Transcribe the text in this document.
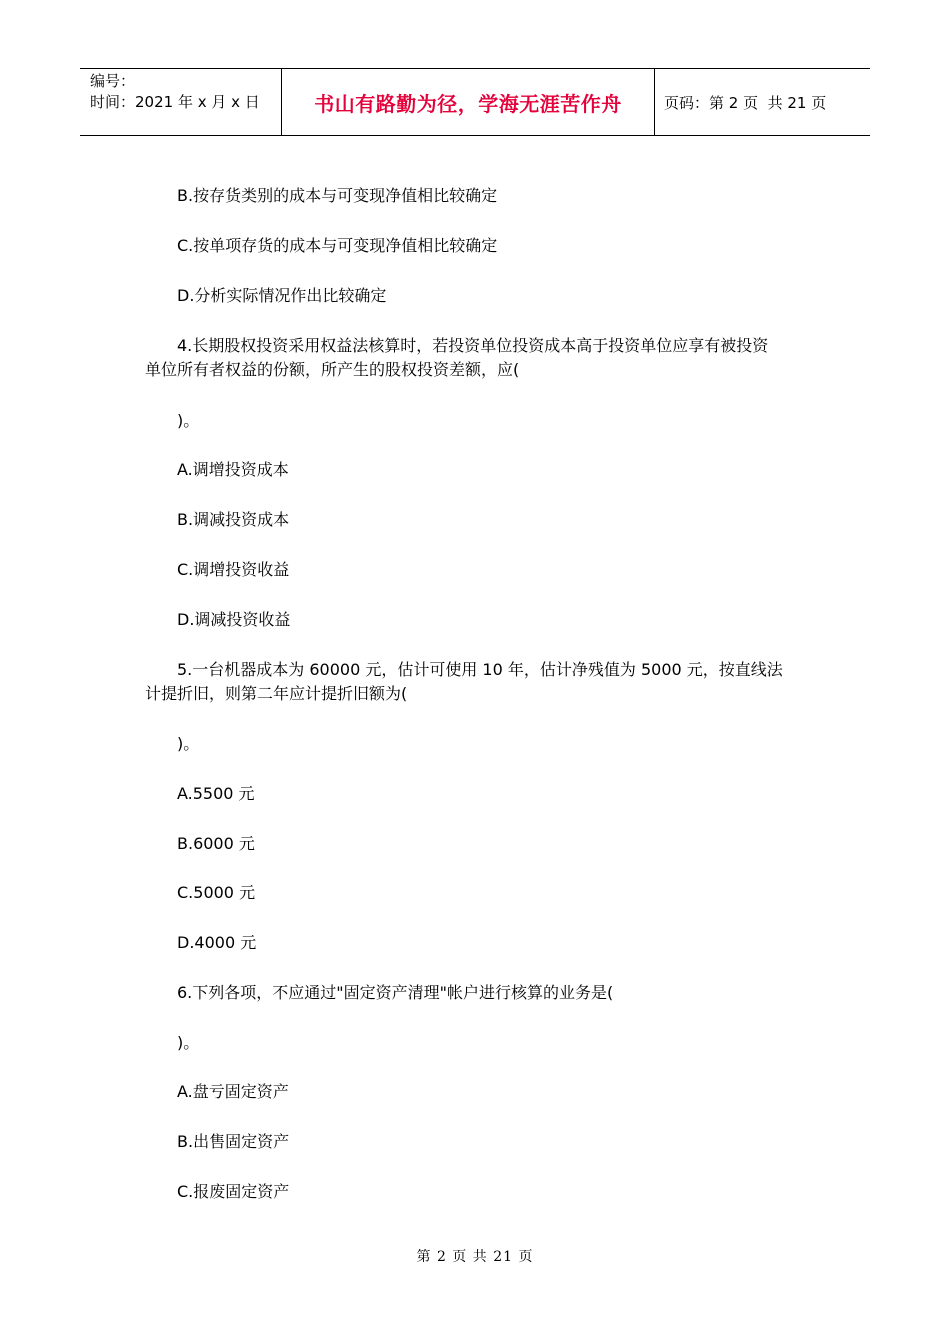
编号：
时间：2021 年 x 月 x 日	书山有路勤为径，学海无涯苦作舟	页码：第 2 页  共 21 页
B.按存货类别的成本与可变现净值相比较确定
C.按单项存货的成本与可变现净值相比较确定
D.分析实际情况作出比较确定
4.长期股权投资采用权益法核算时，若投资单位投资成本高于投资单位应享有被投资
单位所有者权益的份额，所产生的股权投资差额，应(
)。
A.调增投资成本
B.调减投资成本
C.调增投资收益
D.调减投资收益
5.一台机器成本为 60000 元，估计可使用 10 年，估计净残值为 5000 元，按直线法
计提折旧，则第二年应计提折旧额为(
)。
A.5500 元
B.6000 元
C.5000 元
D.4000 元
6.下列各项，不应通过"固定资产清理"帐户进行核算的业务是(
)。
A.盘亏固定资产
B.出售固定资产
C.报废固定资产
第 2 页 共 21 页
